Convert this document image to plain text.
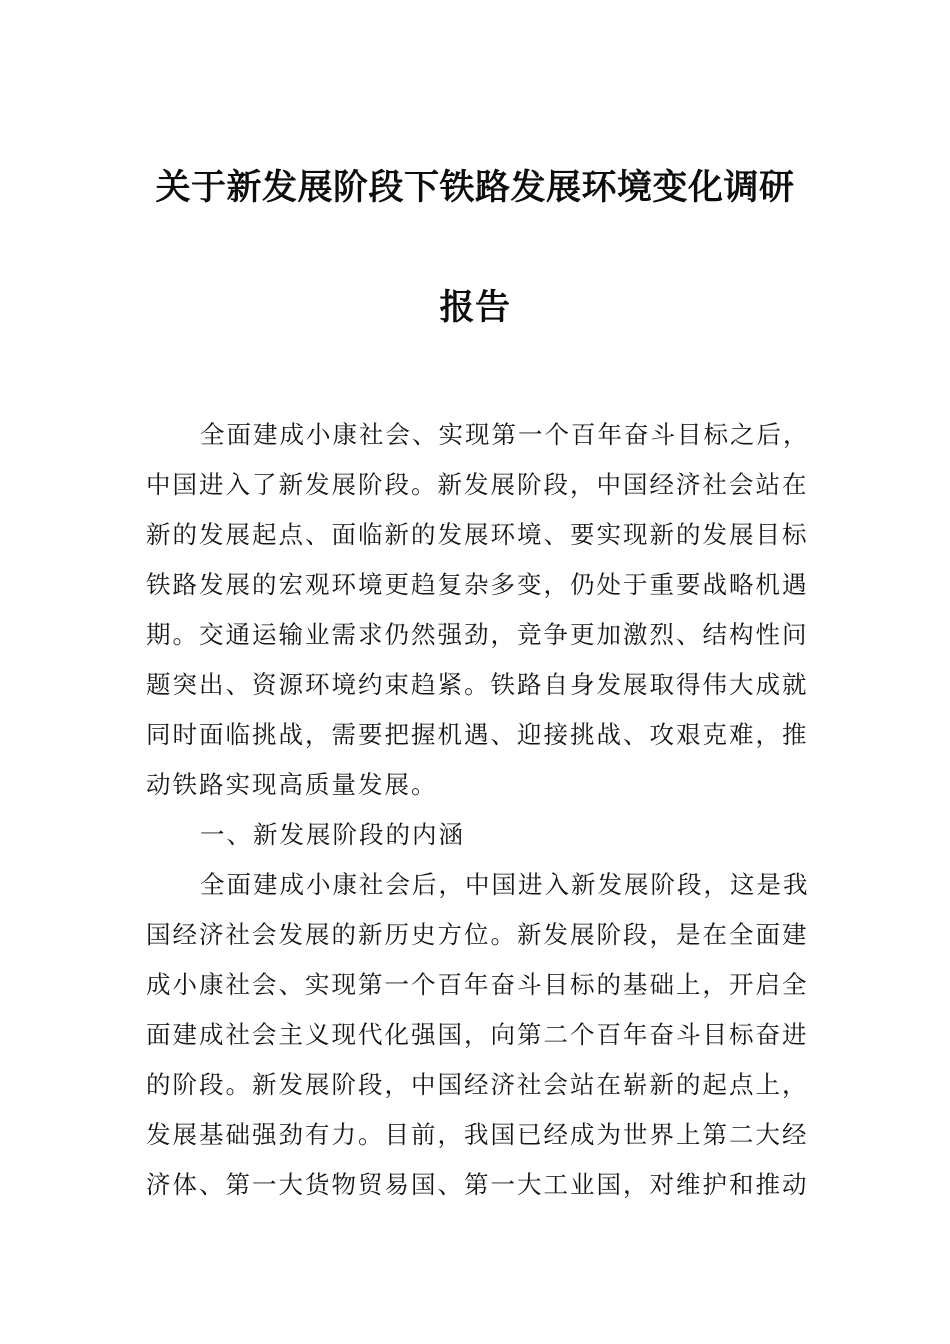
关于新发展阶段下铁路发展环境变化调研
报告
全面建成小康社会、实现第一个百年奋斗目标之后，
中国进入了新发展阶段。新发展阶段，中国经济社会站在
新的发展起点、面临新的发展环境、要实现新的发展目标
铁路发展的宏观环境更趋复杂多变，仍处于重要战略机遇
期。交通运输业需求仍然强劲，竞争更加激烈、结构性问
题突出、资源环境约束趋紧。铁路自身发展取得伟大成就
同时面临挑战，需要把握机遇、迎接挑战、攻艰克难，推
动铁路实现高质量发展。
一、新发展阶段的内涵
全面建成小康社会后，中国进入新发展阶段，这是我
国经济社会发展的新历史方位。新发展阶段，是在全面建
成小康社会、实现第一个百年奋斗目标的基础上，开启全
面建成社会主义现代化强国，向第二个百年奋斗目标奋进
的阶段。新发展阶段，中国经济社会站在崭新的起点上，
发展基础强劲有力。目前，我国已经成为世界上第二大经
济体、第一大货物贸易国、第一大工业国，对维护和推动
